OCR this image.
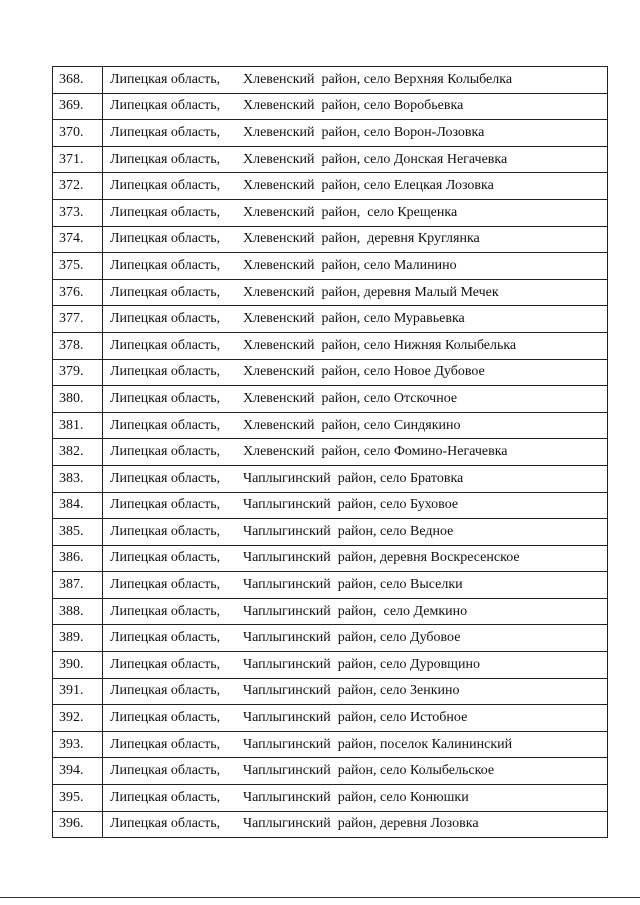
368.	Липецкая область, Хлевенский  район, село Верхняя Колыбелка
369.	Липецкая область, Хлевенский  район, село Воробьевка
370.	Липецкая область, Хлевенский  район, село Ворон-Лозовка
371.	Липецкая область, Хлевенский  район, село Донская Негачевка
372.	Липецкая область, Хлевенский  район, село Елецкая Лозовка
373.	Липецкая область, Хлевенский  район,  село Крещенка
374.	Липецкая область, Хлевенский  район,  деревня Круглянка
375.	Липецкая область, Хлевенский  район, село Малинино
376.	Липецкая область, Хлевенский  район, деревня Малый Мечек
377.	Липецкая область, Хлевенский  район, село Муравьевка
378.	Липецкая область, Хлевенский  район, село Нижняя Колыбелька
379.	Липецкая область, Хлевенский  район, село Новое Дубовое
380.	Липецкая область, Хлевенский  район, село Отскочное
381.	Липецкая область, Хлевенский  район, село Синдякино
382.	Липецкая область, Хлевенский  район, село Фомино-Негачевка
383.	Липецкая область, Чаплыгинский  район, село Братовка
384.	Липецкая область, Чаплыгинский  район, село Буховое
385.	Липецкая область, Чаплыгинский  район, село Ведное
386.	Липецкая область, Чаплыгинский  район, деревня Воскресенское
387.	Липецкая область, Чаплыгинский  район, село Выселки
388.	Липецкая область, Чаплыгинский  район,  село Демкино
389.	Липецкая область, Чаплыгинский  район, село Дубовое
390.	Липецкая область, Чаплыгинский  район, село Дуровщино
391.	Липецкая область, Чаплыгинский  район, село Зенкино
392.	Липецкая область, Чаплыгинский  район, село Истобное
393.	Липецкая область, Чаплыгинский  район, поселок Калининский
394.	Липецкая область, Чаплыгинский  район, село Колыбельское
395.	Липецкая область, Чаплыгинский  район, село Конюшки
396.	Липецкая область, Чаплыгинский  район, деревня Лозовка
